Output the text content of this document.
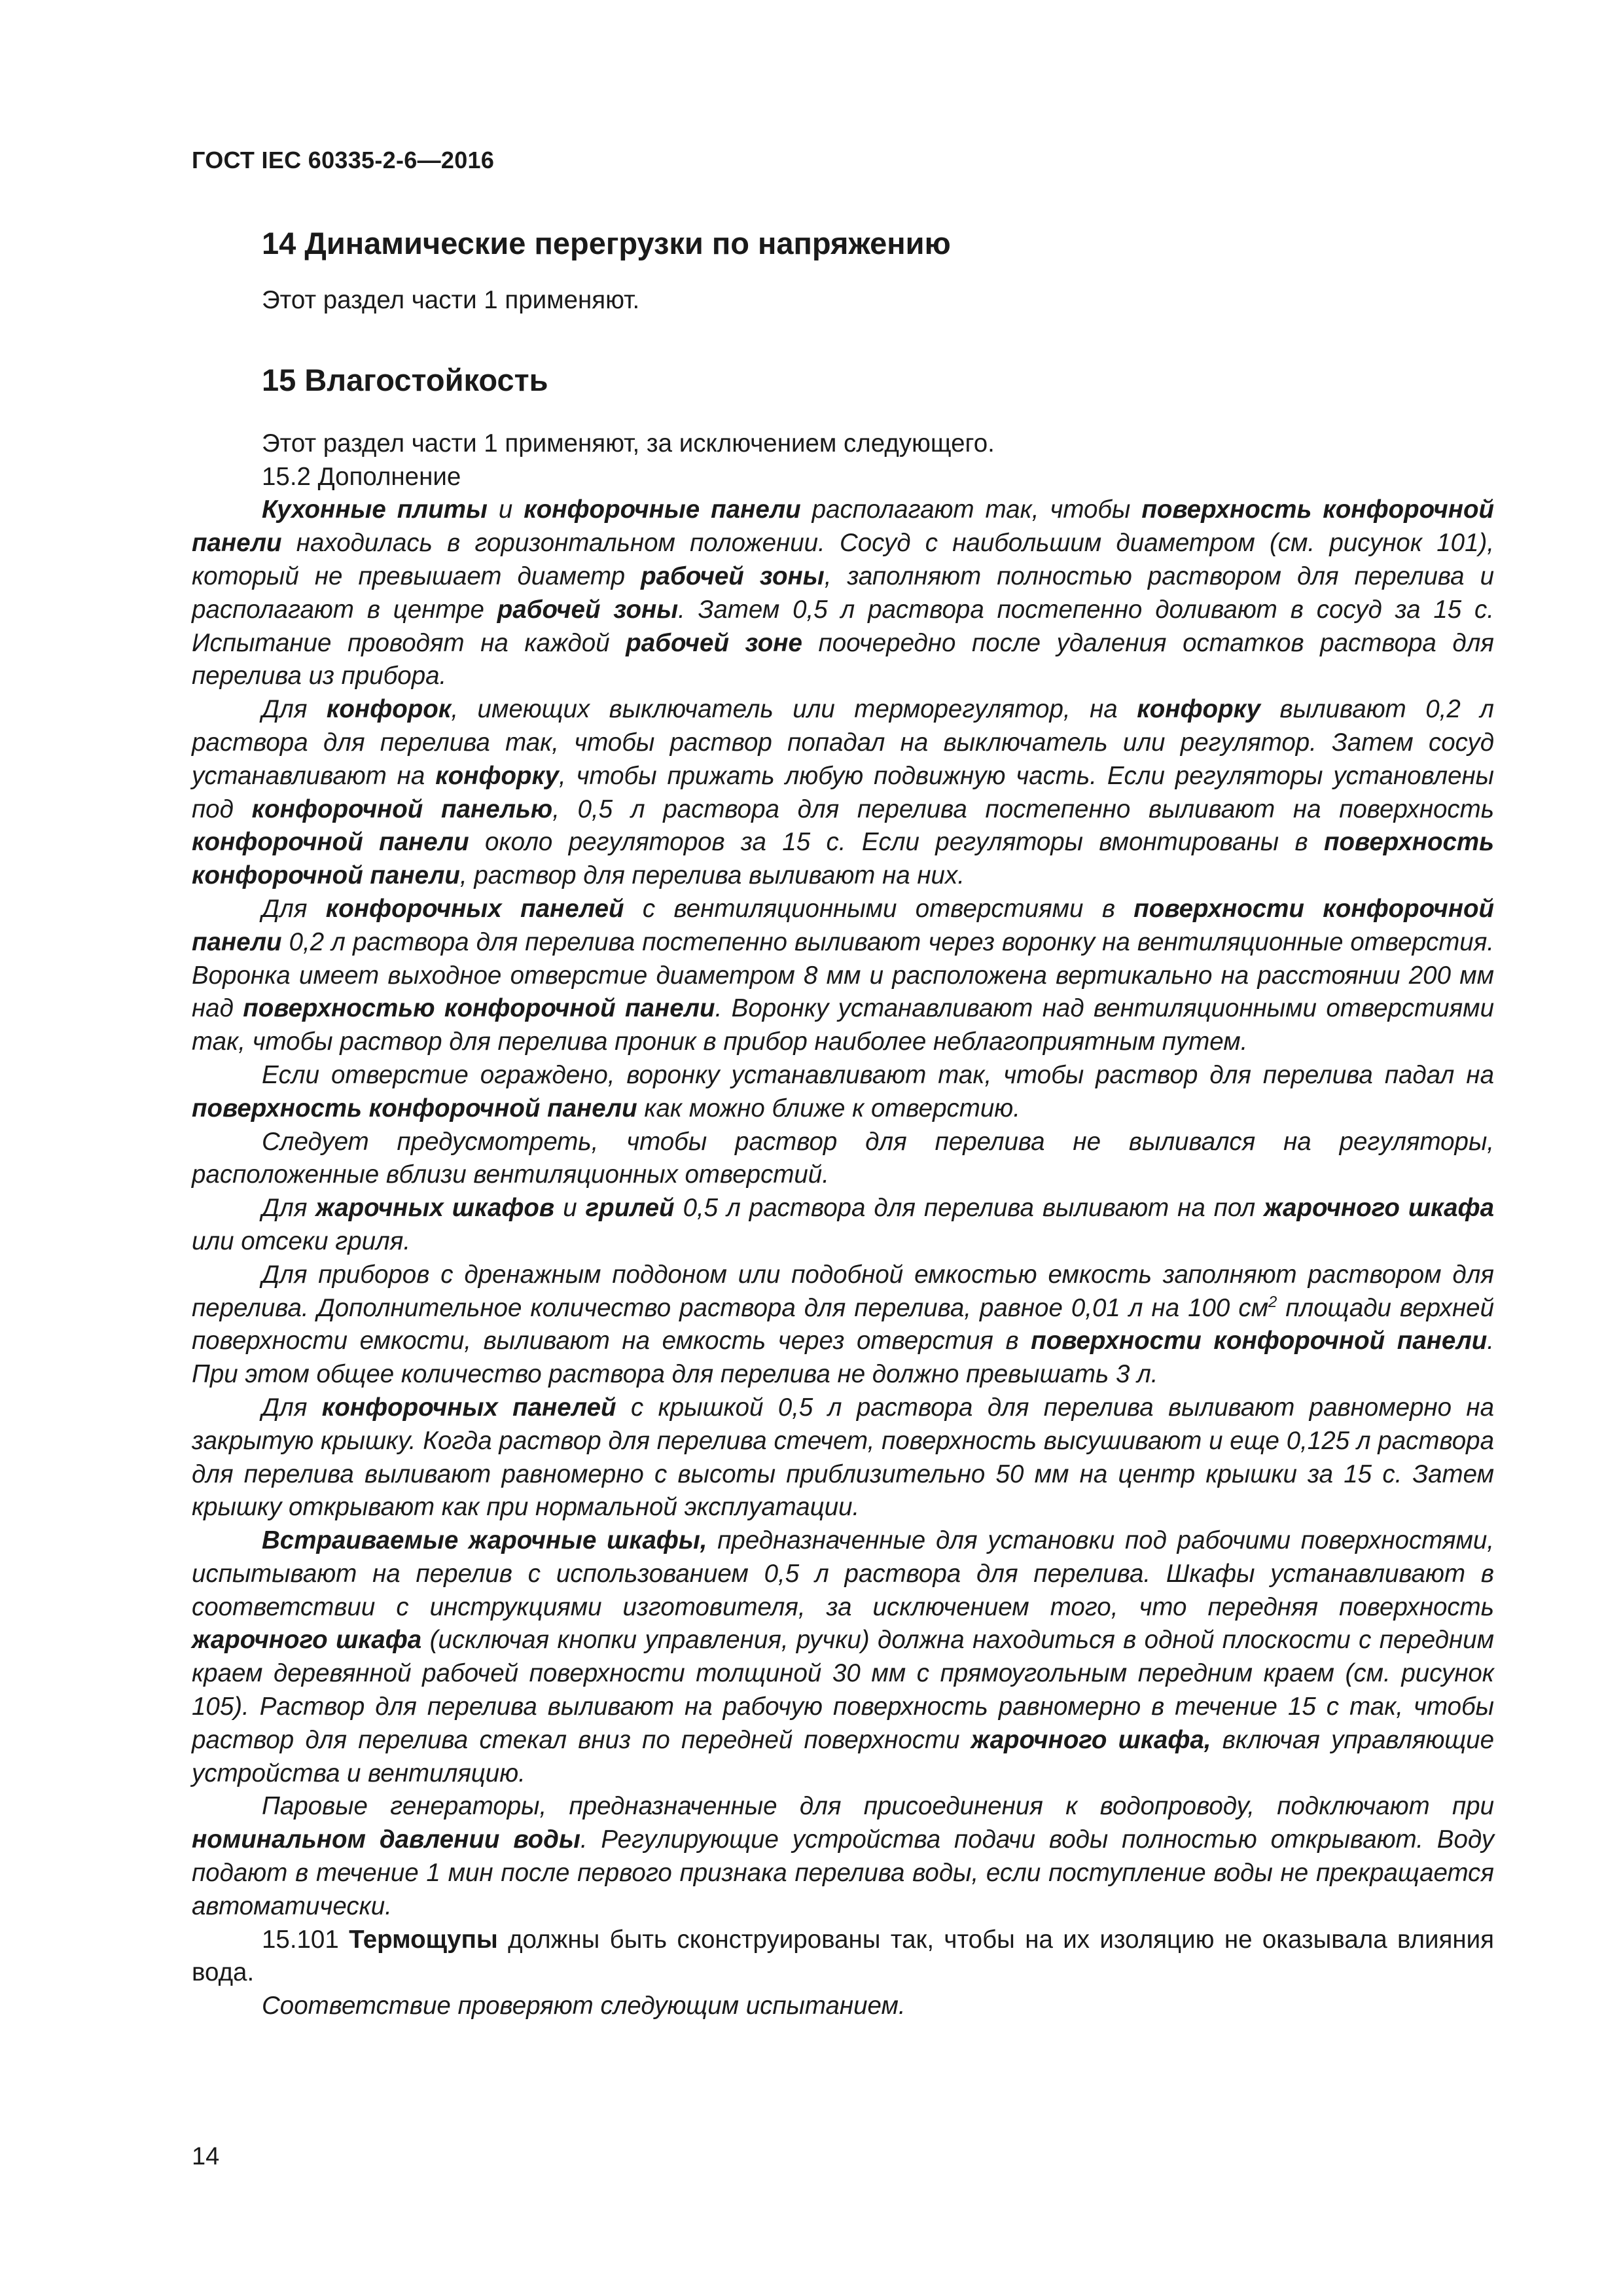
ГОСТ IEC 60335-2-6—2016
14 Динамические перегрузки по напряжению

Этот раздел части 1 применяют.

15 Влагостойкость

Этот раздел части 1 применяют, за исключением следующего.

15.2 Дополнение

Кухонные плиты и конфорочные панели располагают так, чтобы поверхность конфорочной панели находилась в горизонтальном положении. Сосуд с наибольшим диаметром (см. рисунок 101), который не превышает диаметр рабочей зоны, заполняют полностью раствором для перелива и располагают в центре рабочей зоны. Затем 0,5 л раствора постепенно доливают в сосуд за 15 с. Испытание проводят на каждой рабочей зоне поочередно после удаления остатков раствора для перелива из прибора.

Для конфорок, имеющих выключатель или терморегулятор, на конфорку выливают 0,2 л раствора для перелива так, чтобы раствор попадал на выключатель или регулятор. Затем сосуд устанавливают на конфорку, чтобы прижать любую подвижную часть. Если регуляторы установлены под конфорочной панелью, 0,5 л раствора для перелива постепенно выливают на поверхность конфорочной панели около регуляторов за 15 с. Если регуляторы вмонтированы в поверхность конфорочной панели, раствор для перелива выливают на них.

Для конфорочных панелей с вентиляционными отверстиями в поверхности конфорочной панели 0,2 л раствора для перелива постепенно выливают через воронку на вентиляционные отверстия. Воронка имеет выходное отверстие диаметром 8 мм и расположена вертикально на расстоянии 200 мм над поверхностью конфорочной панели. Воронку устанавливают над вентиляционными отверстиями так, чтобы раствор для перелива проник в прибор наиболее неблагоприятным путем.

Если отверстие ограждено, воронку устанавливают так, чтобы раствор для перелива падал на поверхность конфорочной панели как можно ближе к отверстию.

Следует предусмотреть, чтобы раствор для перелива не выливался на регуляторы, расположенные вблизи вентиляционных отверстий.

Для жарочных шкафов и грилей 0,5 л раствора для перелива выливают на пол жарочного шкафа или отсеки гриля.

Для приборов с дренажным поддоном или подобной емкостью емкость заполняют раствором для перелива. Дополнительное количество раствора для перелива, равное 0,01 л на 100 $см^2$ площади верхней поверхности емкости, выливают на емкость через отверстия в поверхности конфорочной панели. При этом общее количество раствора для перелива не должно превышать 3 л.

Для конфорочных панелей с крышкой 0,5 л раствора для перелива выливают равномерно на закрытую крышку. Когда раствор для перелива стечет, поверхность высушивают и еще 0,125 л раствора для перелива выливают равномерно с высоты приблизительно 50 мм на центр крышки за 15 с. Затем крышку открывают как при нормальной эксплуатации.

Встраиваемые жарочные шкафы, предназначенные для установки под рабочими поверхностями, испытывают на перелив с использованием 0,5 л раствора для перелива. Шкафы устанавливают в соответствии с инструкциями изготовителя, за исключением того, что передняя поверхность жарочного шкафа (исключая кнопки управления, ручки) должна находиться в одной плоскости с передним краем деревянной рабочей поверхности толщиной 30 мм с прямоугольным передним краем (см. рисунок 105). Раствор для перелива выливают на рабочую поверхность равномерно в течение 15 с так, чтобы раствор для перелива стекал вниз по передней поверхности жарочного шкафа, включая управляющие устройства и вентиляцию.

Паровые генераторы, предназначенные для присоединения к водопроводу, подключают при номинальном давлении воды. Регулирующие устройства подачи воды полностью открывают. Воду подают в течение 1 мин после первого признака перелива воды, если поступление воды не прекращается автоматически.

15.101 Термощупы должны быть сконструированы так, чтобы на их изоляцию не оказывала влияния вода.

Соответствие проверяют следующим испытанием.

14
